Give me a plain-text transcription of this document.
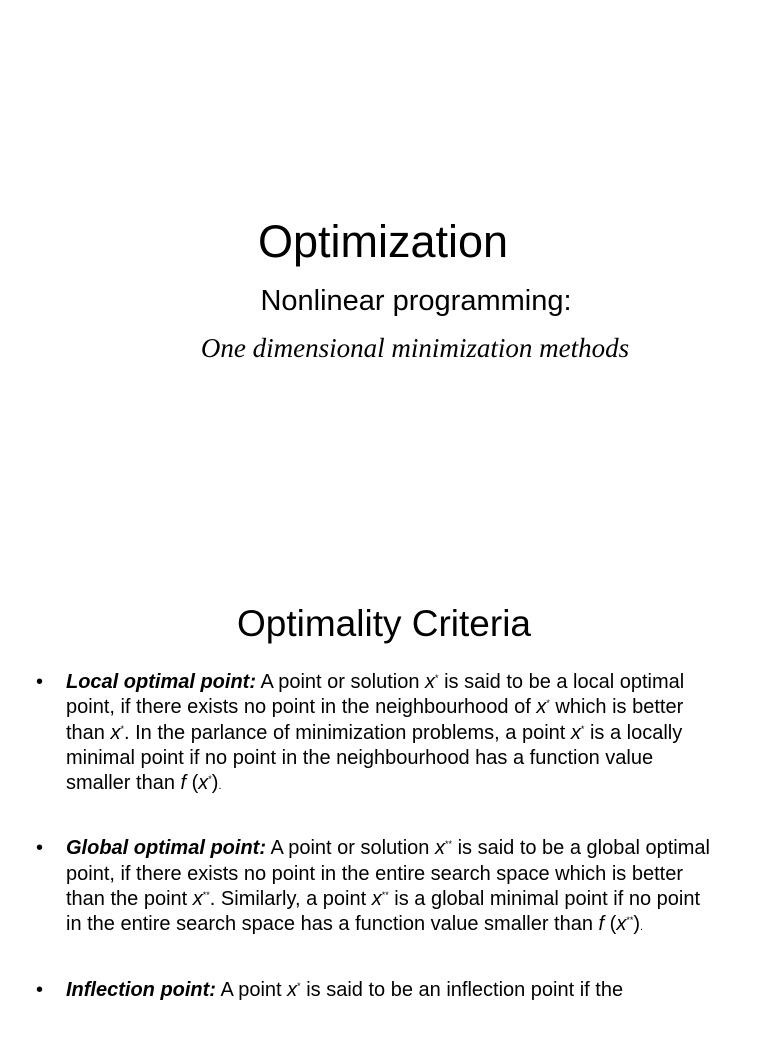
Optimization
Nonlinear programming:
One dimensional minimization methods
Optimality Criteria
• Local optimal point: A point or solution x* is said to be a local optimal point, if there exists no point in the neighbourhood of x* which is better than x*. In the parlance of minimization problems, a point x* is a locally minimal point if no point in the neighbourhood has a function value smaller than f (x*).
• Global optimal point: A point or solution x** is said to be a global optimal point, if there exists no point in the entire search space which is better than the point x**. Similarly, a point x** is a global minimal point if no point in the entire search space has a function value smaller than f (x**).
• Inflection point: A point x* is said to be an inflection point if the
